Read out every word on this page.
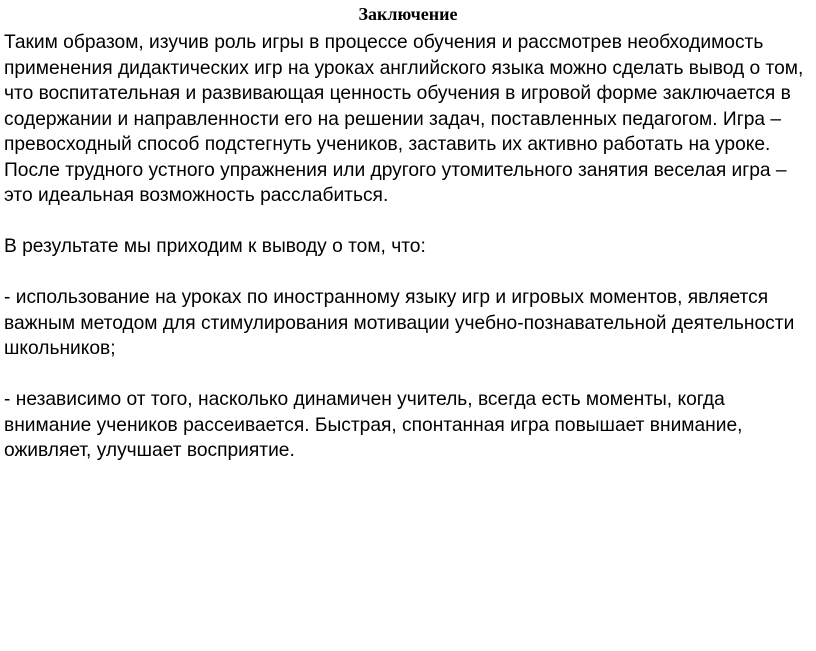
Заключение

Таким образом, изучив роль игры в процессе обучения и рассмотрев необходимость применения дидактических игр на уроках английского языка можно сделать вывод о том, что воспитательная и развивающая ценность обучения в игровой форме заключается в содержании и направленности его на решении задач, поставленных педагогом. Игра – превосходный способ подстегнуть учеников, заставить их активно работать на уроке. После трудного устного упражнения или другого утомительного занятия веселая игра – это идеальная возможность расслабиться.

В результате мы приходим к выводу о том, что:

- использование на уроках по иностранному языку игр и игровых моментов, является важным методом для стимулирования мотивации учебно-познавательной деятельности школьников;

- независимо от того, насколько динамичен учитель, всегда есть моменты, когда внимание учеников рассеивается. Быстрая, спонтанная игра повышает внимание, оживляет, улучшает восприятие.
